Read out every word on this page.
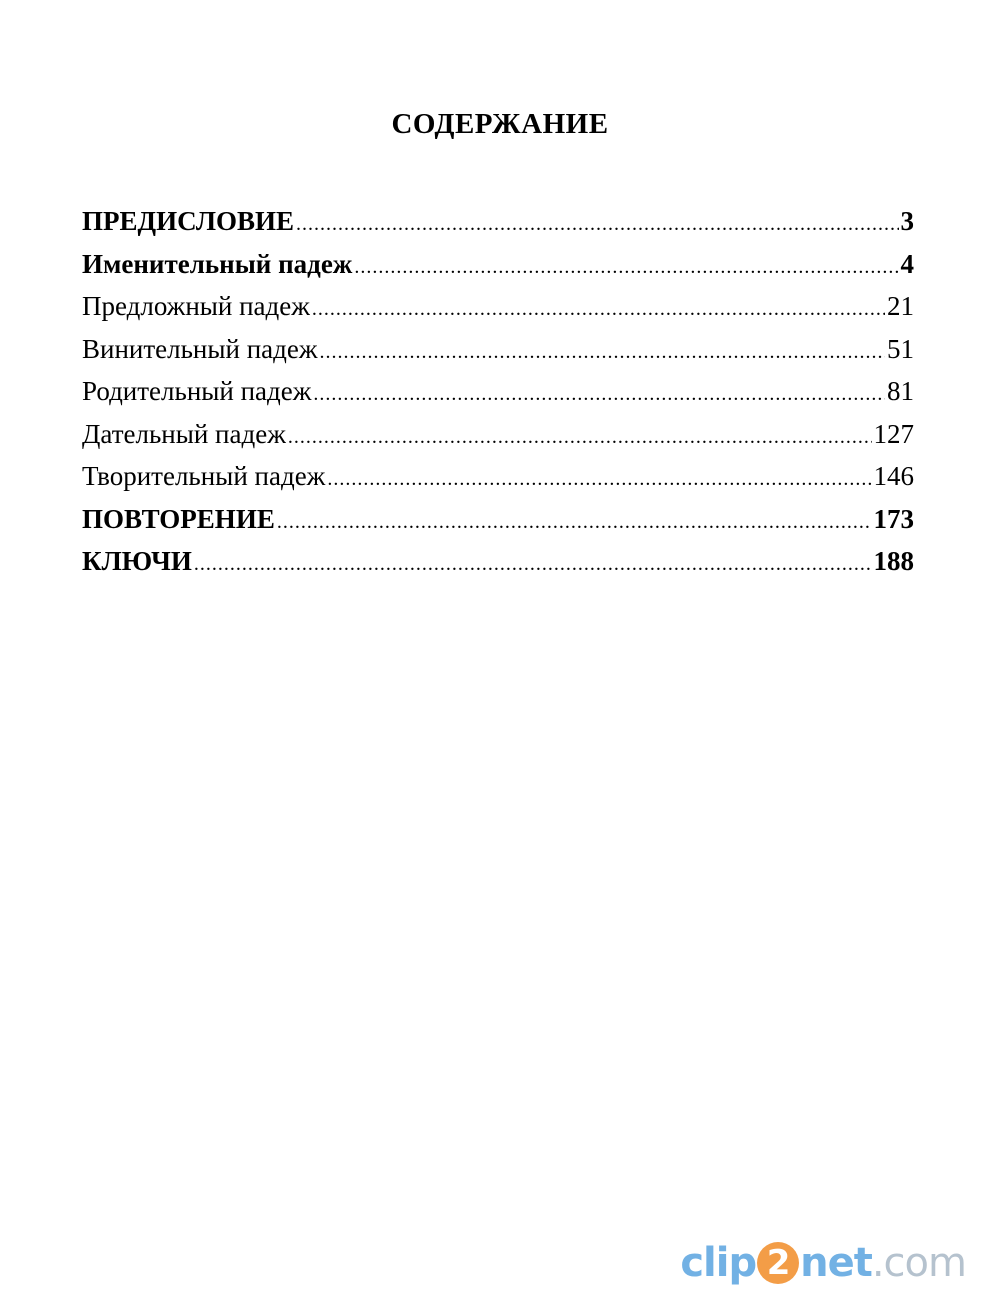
СОДЕРЖАНИЕ
ПРЕДИСЛОВИЕ .....	3
Именительный падеж .....	4
Предложный падеж .....	21
Винительный падеж .....	51
Родительный падеж .....	81
Дательный падеж .....	127
Творительный падеж .....	146
ПОВТОРЕНИЕ .....	173
КЛЮЧИ .....	188
clip 2 net .com
